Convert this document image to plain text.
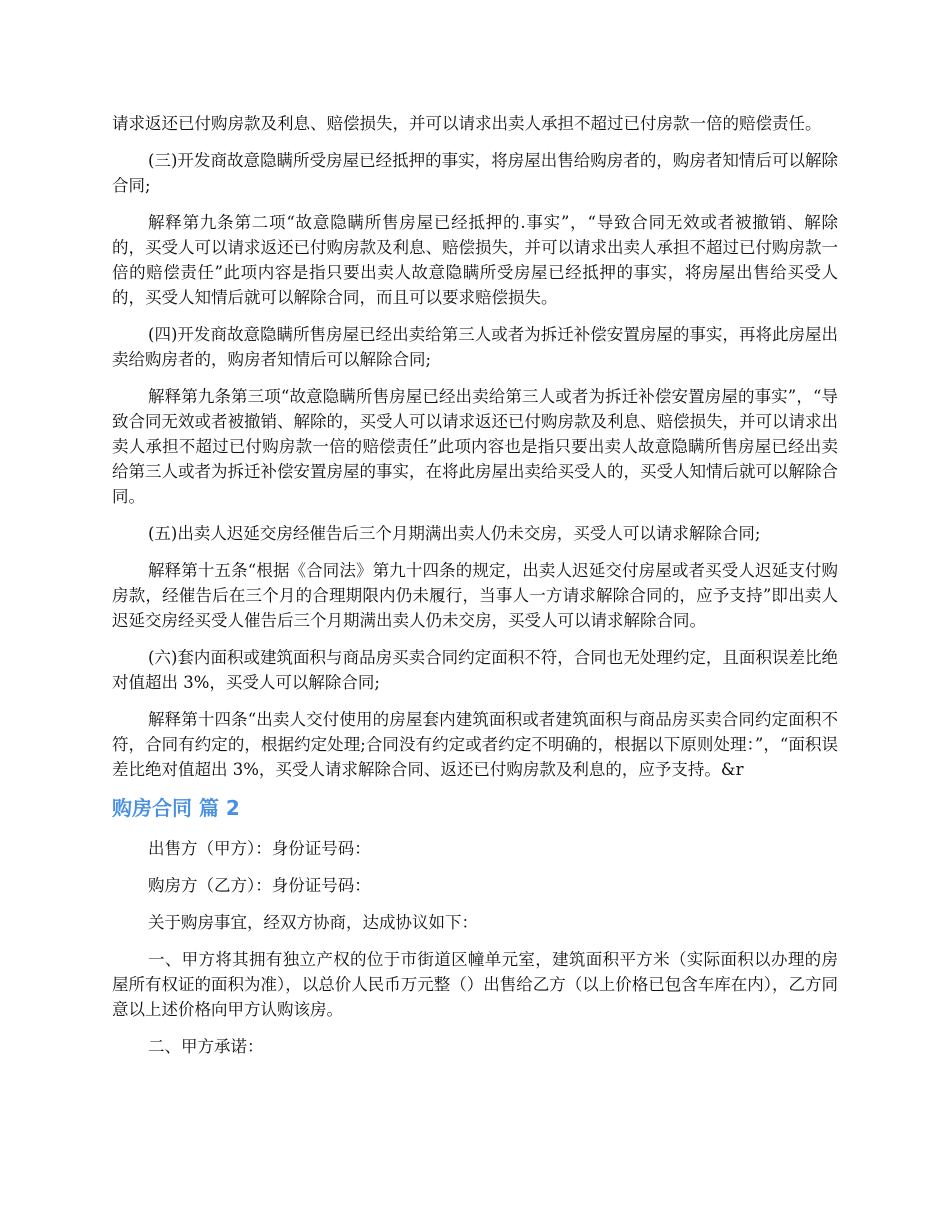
请求返还已付购房款及利息、赔偿损失，并可以请求出卖人承担不超过已付房款一倍的赔偿责任。

(三)开发商故意隐瞒所受房屋已经抵押的事实，将房屋出售给购房者的，购房者知情后可以解除合同;

解释第九条第二项“故意隐瞒所售房屋已经抵押的.事实”，“导致合同无效或者被撤销、解除的，买受人可以请求返还已付购房款及利息、赔偿损失，并可以请求出卖人承担不超过已付购房款一倍的赔偿责任”此项内容是指只要出卖人故意隐瞒所受房屋已经抵押的事实，将房屋出售给买受人的，买受人知情后就可以解除合同，而且可以要求赔偿损失。

(四)开发商故意隐瞒所售房屋已经出卖给第三人或者为拆迁补偿安置房屋的事实，再将此房屋出卖给购房者的，购房者知情后可以解除合同;

解释第九条第三项“故意隐瞒所售房屋已经出卖给第三人或者为拆迁补偿安置房屋的事实”，“导致合同无效或者被撤销、解除的，买受人可以请求返还已付购房款及利息、赔偿损失，并可以请求出卖人承担不超过已付购房款一倍的赔偿责任”此项内容也是指只要出卖人故意隐瞒所售房屋已经出卖给第三人或者为拆迁补偿安置房屋的事实，在将此房屋出卖给买受人的，买受人知情后就可以解除合同。

(五)出卖人迟延交房经催告后三个月期满出卖人仍未交房，买受人可以请求解除合同;

解释第十五条“根据《合同法》第九十四条的规定，出卖人迟延交付房屋或者买受人迟延支付购房款，经催告后在三个月的合理期限内仍未履行，当事人一方请求解除合同的，应予支持”即出卖人迟延交房经买受人催告后三个月期满出卖人仍未交房，买受人可以请求解除合同。

(六)套内面积或建筑面积与商品房买卖合同约定面积不符，合同也无处理约定，且面积误差比绝对值超出 3%，买受人可以解除合同;

解释第十四条“出卖人交付使用的房屋套内建筑面积或者建筑面积与商品房买卖合同约定面积不符，合同有约定的，根据约定处理;合同没有约定或者约定不明确的，根据以下原则处理：”，“面积误差比绝对值超出 3%，买受人请求解除合同、返还已付购房款及利息的，应予支持。&r

购房合同 篇 2

出售方（甲方）：身份证号码：

购房方（乙方）：身份证号码：

关于购房事宜，经双方协商，达成协议如下：

一、甲方将其拥有独立产权的位于市街道区幢单元室，建筑面积平方米（实际面积以办理的房屋所有权证的面积为准），以总价人民币万元整（）出售给乙方（以上价格已包含车库在内），乙方同意以上述价格向甲方认购该房。

二、甲方承诺：
